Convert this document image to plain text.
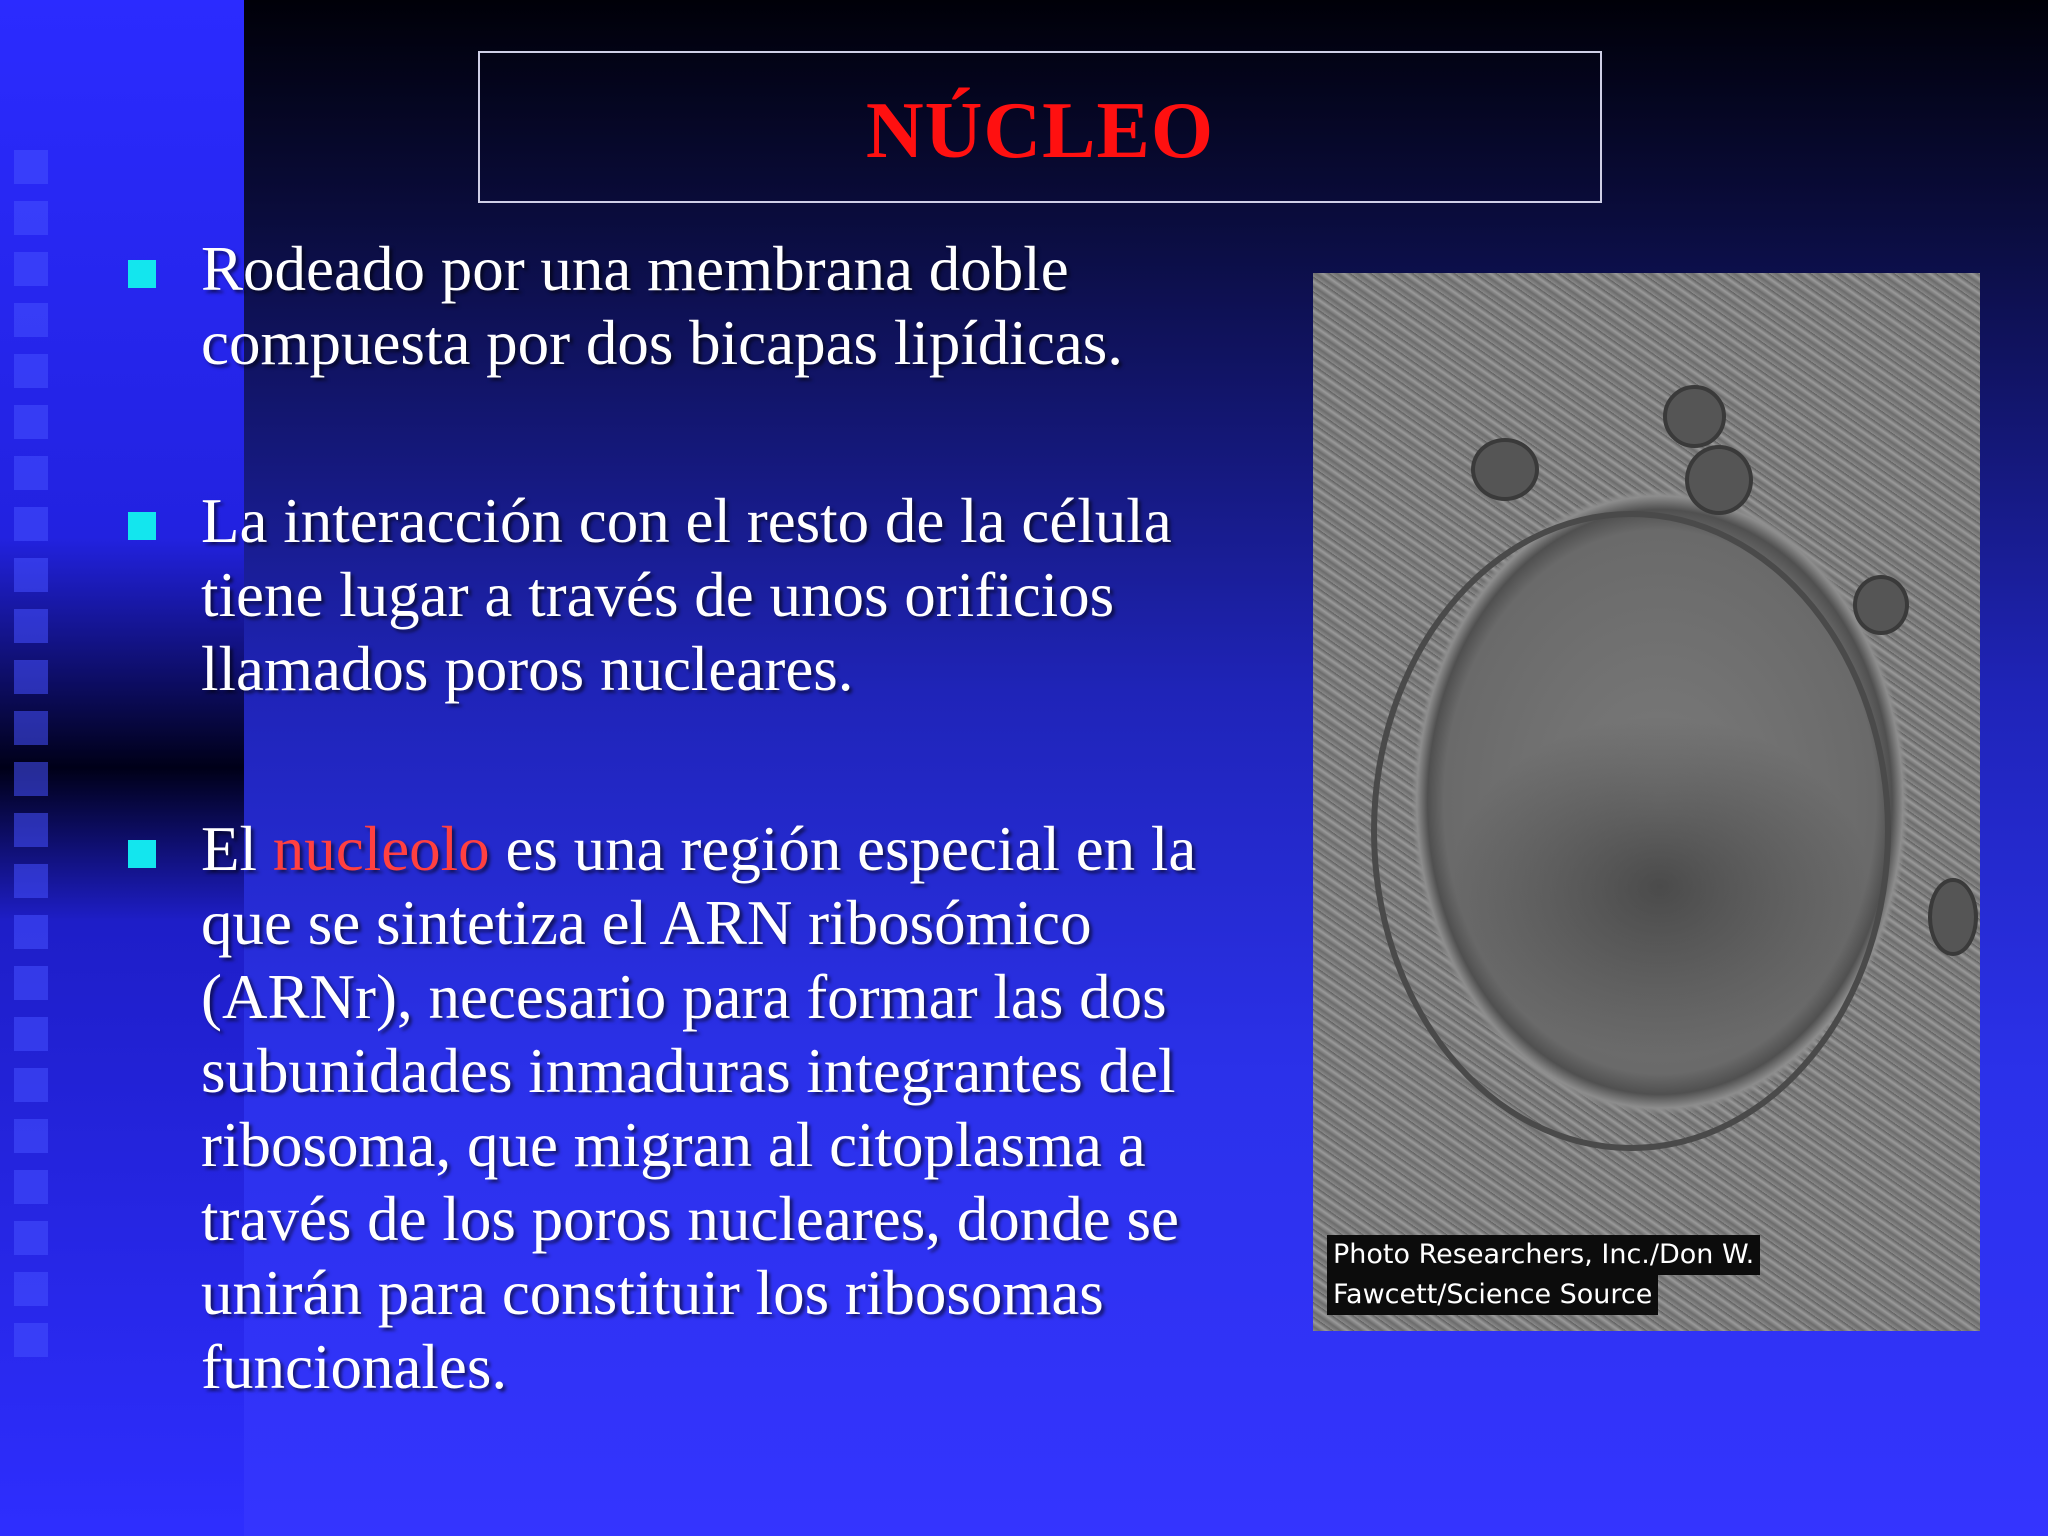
NÚCLEO
Rodeado por una membrana doble compuesta por dos bicapas lipídicas.
La interacción con el resto de la célula tiene lugar a través de unos orificios llamados poros nucleares.
El nucleolo es una región especial en la que se sintetiza el ARN ribosómico (ARNr), necesario para formar las dos subunidades inmaduras integrantes del ribosoma, que migran al citoplasma a través de los poros nucleares, donde se unirán para constituir los ribosomas funcionales.
Photo Researchers, Inc./Don W.
Fawcett/Science Source
